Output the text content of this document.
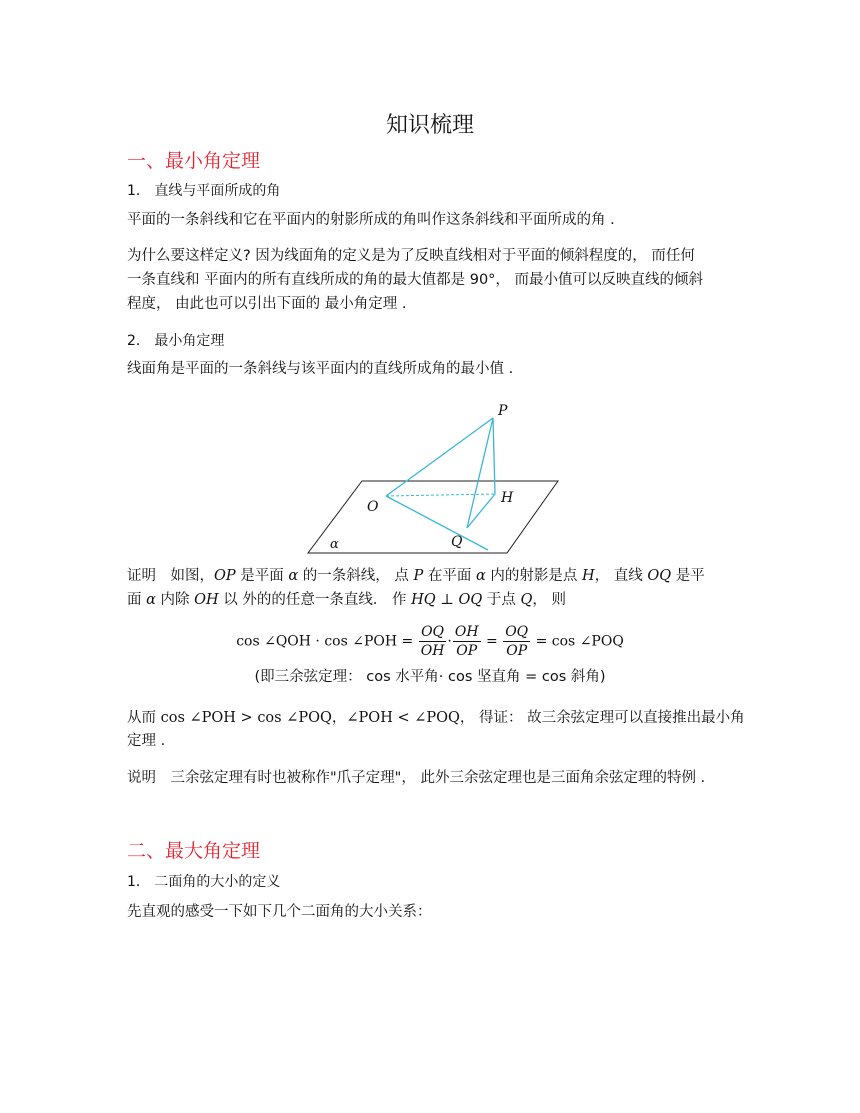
知识梳理
一、最小角定理
1． 直线与平面所成的角
平面的一条斜线和它在平面内的射影所成的角叫作这条斜线和平面所成的角 .
为什么要这样定义? 因为线面角的定义是为了反映直线相对于平面的倾斜程度的， 而任何
一条直线和 平面内的所有直线所成的角的最大值都是 90°， 而最小值可以反映直线的倾斜
程度， 由此也可以引出下面的 最小角定理 .
2． 最小角定理
线面角是平面的一条斜线与该平面内的直线所成角的最小值 .
P
H
O
Q
α
证明　如图，OP 是平面 α 的一条斜线， 点 P 在平面 α 内的射影是点 H， 直线 OQ 是平
面 α 内除 OH 以 外的的任意一条直线． 作 HQ ⊥ OQ 于点 Q， 则
cos ∠QOH · cos ∠POH = $\frac{OQ}{OH} \cdot \frac{OH}{OP} = \frac{OQ}{OP} = \cos$ ∠POQ
(即三余弦定理： cos 水平角· cos 坚直角 = cos 斜角)
从而 cos ∠POH > cos ∠POQ，∠POH < ∠POQ， 得证： 故三余弦定理可以直接推出最小角
定理 .
说明　三余弦定理有时也被称作"爪子定理"， 此外三余弦定理也是三面角余弦定理的特例 .
二、最大角定理
1． 二面角的大小的定义
先直观的感受一下如下几个二面角的大小关系：
